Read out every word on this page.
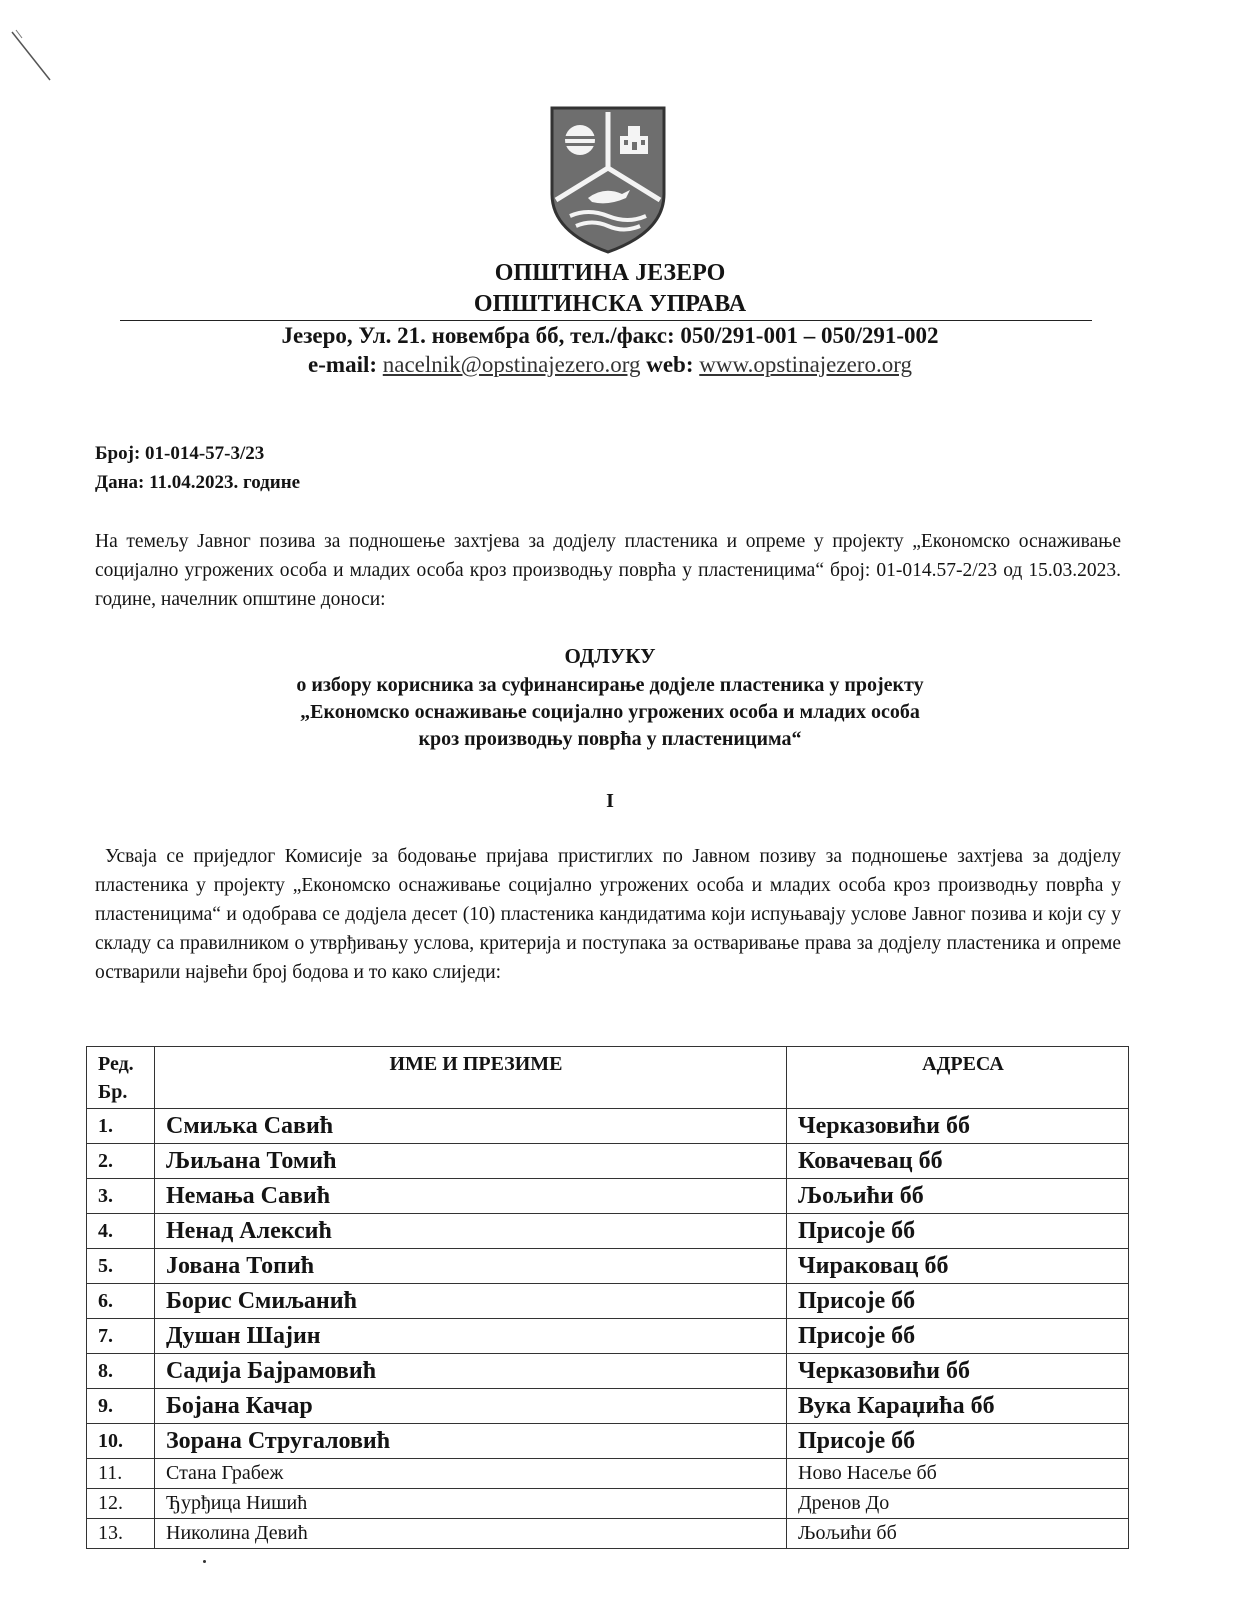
ОПШТИНА ЈЕЗЕРО
ОПШТИНСКА УПРАВА
Језеро, Ул. 21. новембра бб, тел./факс: 050/291-001 – 050/291-002
e-mail: nacelnik@opstinajezero.org web: www.opstinajezero.org
Број: 01-014-57-3/23
Дана: 11.04.2023. године
На темељу Јавног позива за подношење захтјева за додјелу пластеника и опреме у пројекту „Економско оснаживање социјално угрожених особа и младих особа кроз производњу поврћа у пластеницима“ број: 01-014.57-2/23 од 15.03.2023. године, начелник општине доноси:
ОДЛУКУ
о избору корисника за суфинансирање додјеле пластеника у пројекту
„Економско оснаживање социјално угрожених особа и младих особа
кроз производњу поврћа у пластеницима“
I
Усваја се приједлог Комисије за бодовање пријава пристиглих по Јавном позиву за подношење захтјева за додјелу пластеника у пројекту „Економско оснаживање социјално угрожених особа и младих особа кроз производњу поврћа у пластеницима“ и одобрава се додјела десет (10) пластеника кандидатима који испуњавају услове Јавног позива и који су у складу са правилником о утврђивању услова, критерија и поступака за остваривање права за додјелу пластеника и опреме остварили највећи број бодова и то како слиједи:
Ред. Бр.	ИМЕ И ПРЕЗИМЕ	АДРЕСА
1.	Смиљка Савић	Черказовићи бб
2.	Љиљана Томић	Ковачевац бб
3.	Немања Савић	Љољићи бб
4.	Ненад Алексић	Присоје бб
5.	Јована Топић	Чираковац бб
6.	Борис Смиљанић	Присоје бб
7.	Душан Шајин	Присоје бб
8.	Садија Бајрамовић	Черказовићи бб
9.	Бојана Качар	Вука Караџића бб
10.	Зорана Стругаловић	Присоје бб
11.	Стана Грабеж	Ново Насеље бб
12.	Ђурђица Нишић	Дренов До
13.	Николина Девић	Љољићи бб
